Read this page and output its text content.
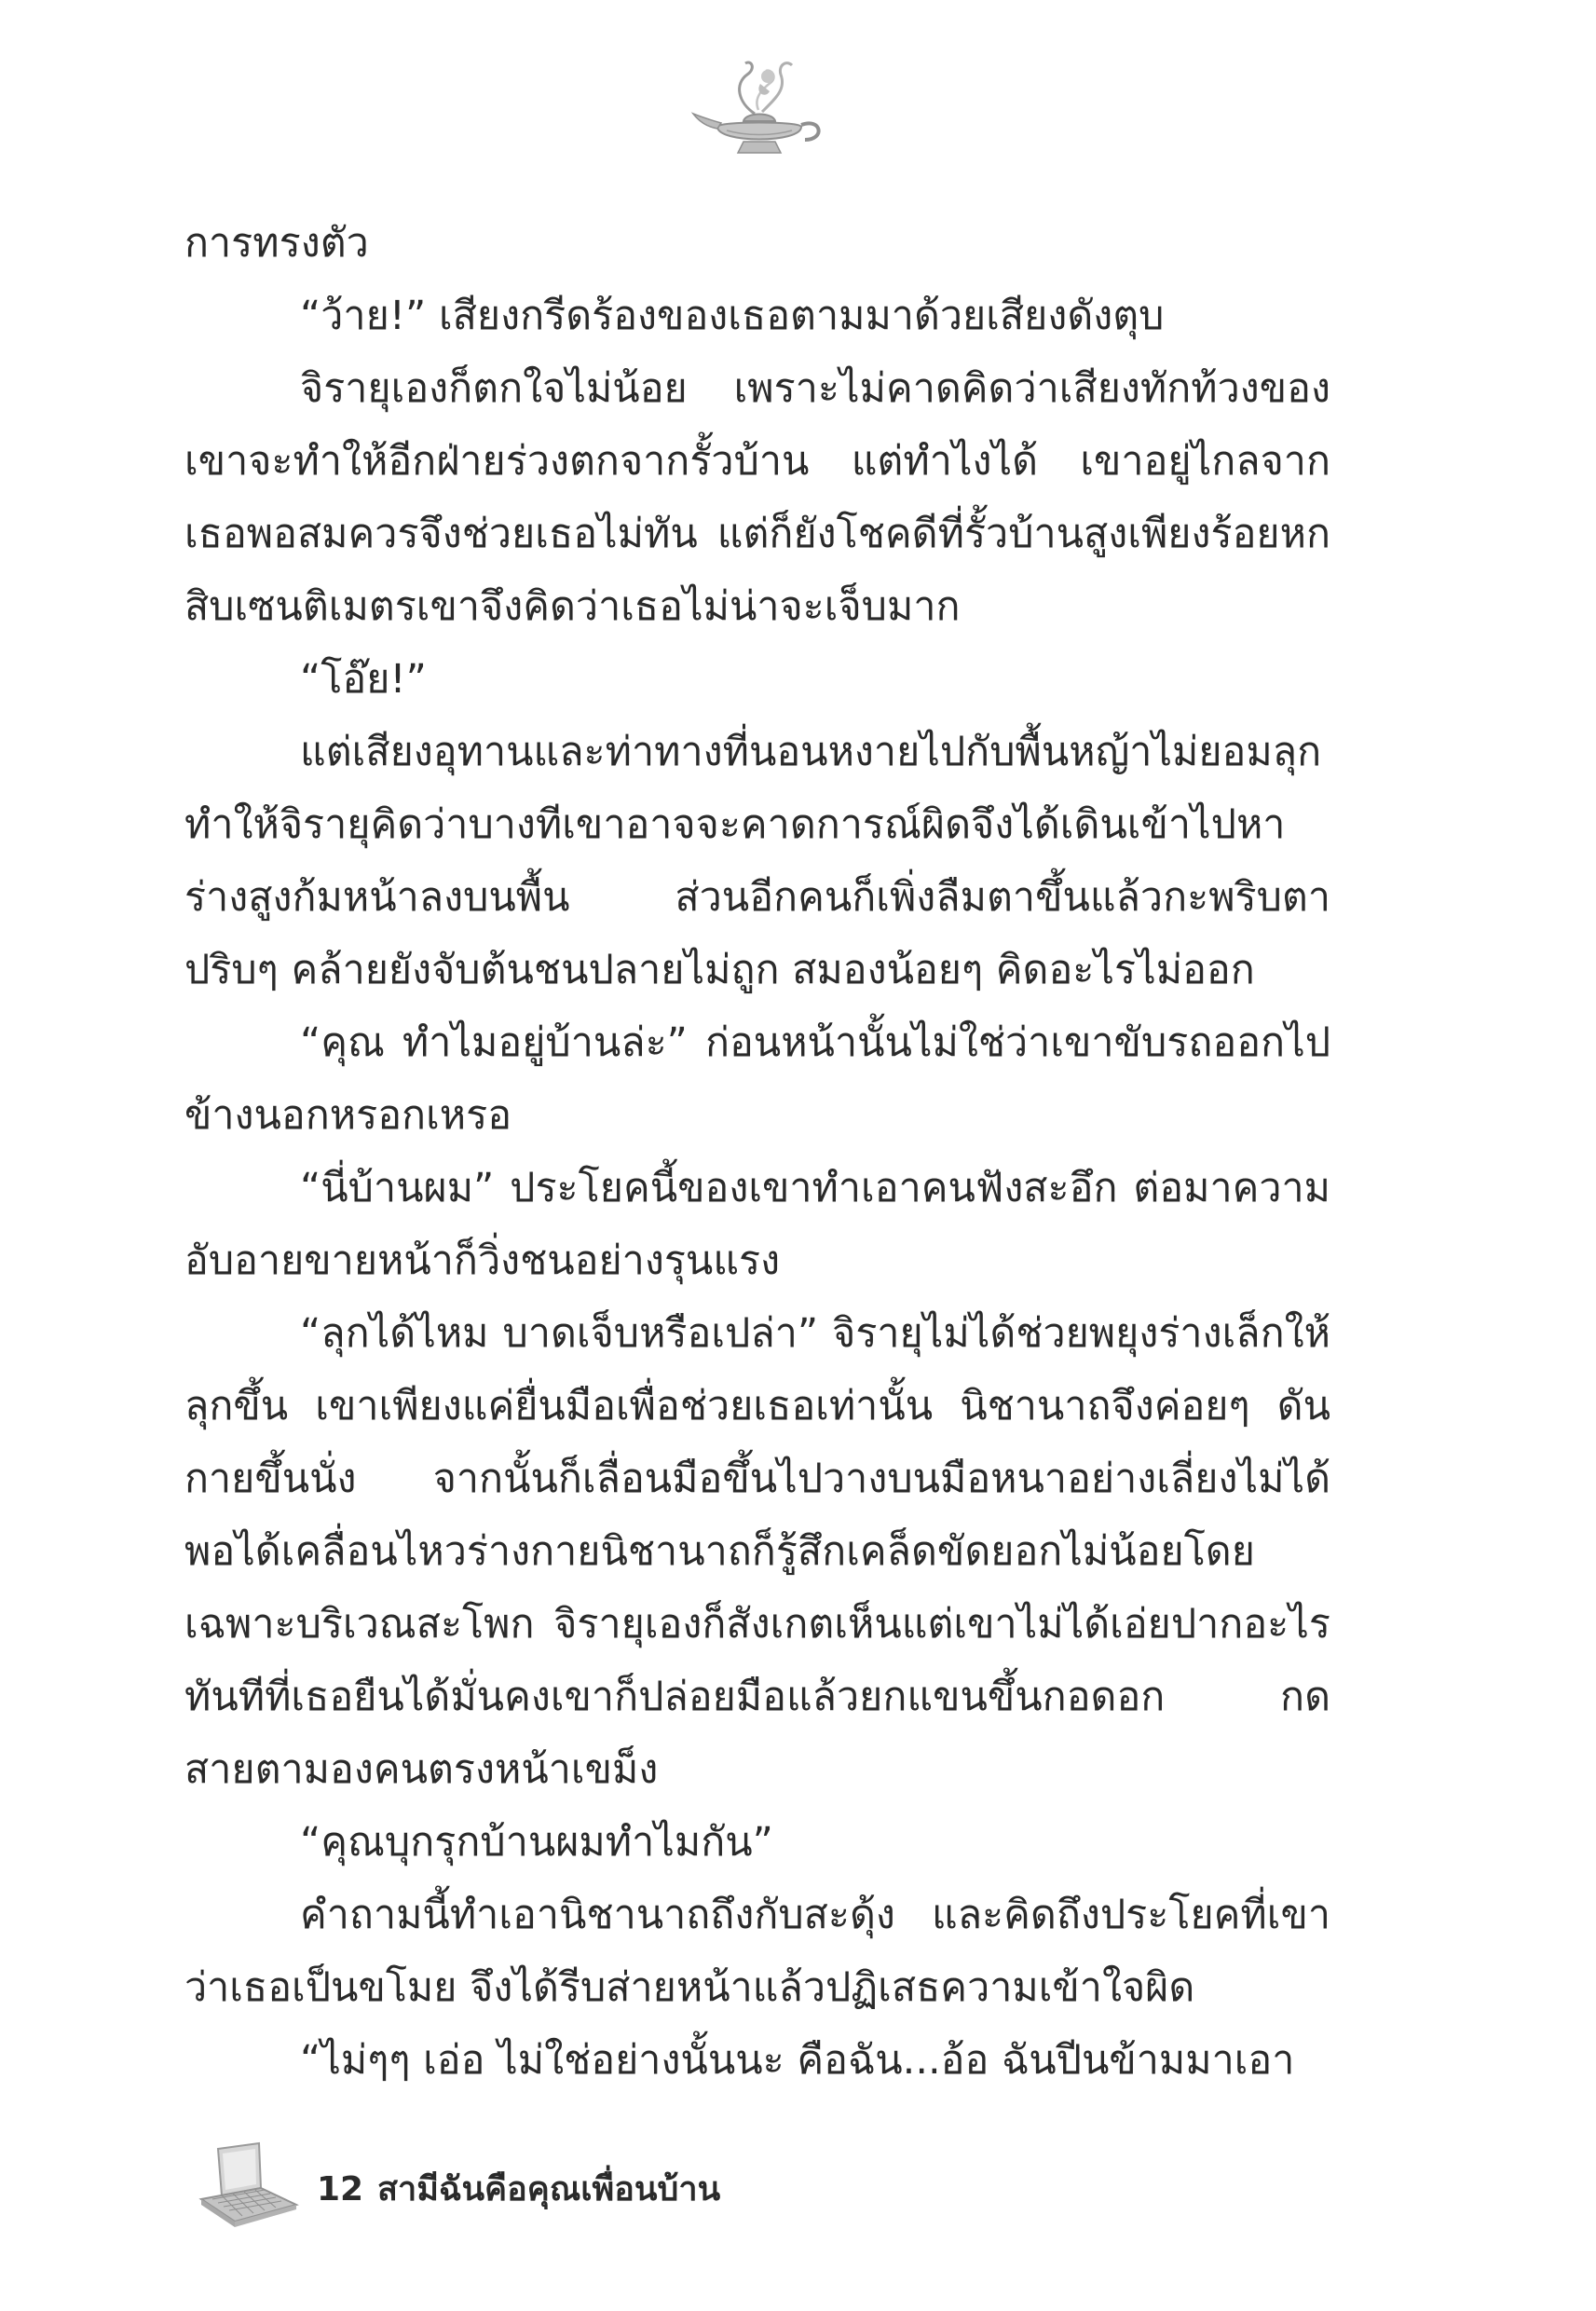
การทรงตัว

“ว้าย!” เสียงกรีดร้องของเธอตามมาด้วยเสียงดังตุบ

จิรายุเองก็ตกใจไม่น้อย เพราะไม่คาดคิดว่าเสียงทักท้วงของเขาจะทำให้อีกฝ่ายร่วงตกจากรั้วบ้าน แต่ทำไงได้ เขาอยู่ไกลจากเธอพอสมควรจึงช่วยเธอไม่ทัน แต่ก็ยังโชคดีที่รั้วบ้านสูงเพียงร้อยหกสิบเซนติเมตรเขาจึงคิดว่าเธอไม่น่าจะเจ็บมาก

“โอ๊ย!”

แต่เสียงอุทานและท่าทางที่นอนหงายไปกับพื้นหญ้าไม่ยอมลุกทำให้จิรายุคิดว่าบางทีเขาอาจจะคาดการณ์ผิดจึงได้เดินเข้าไปหา ร่างสูงก้มหน้าลงบนพื้น ส่วนอีกคนก็เพิ่งลืมตาขึ้นแล้วกะพริบตาปริบๆ คล้ายยังจับต้นชนปลายไม่ถูก สมองน้อยๆ คิดอะไรไม่ออก

“คุณ ทำไมอยู่บ้านล่ะ” ก่อนหน้านั้นไม่ใช่ว่าเขาขับรถออกไปข้างนอกหรอกเหรอ

“นี่บ้านผม” ประโยคนี้ของเขาทำเอาคนฟังสะอึก ต่อมาความอับอายขายหน้าก็วิ่งชนอย่างรุนแรง

“ลุกได้ไหม บาดเจ็บหรือเปล่า” จิรายุไม่ได้ช่วยพยุงร่างเล็กให้ลุกขึ้น เขาเพียงแค่ยื่นมือเพื่อช่วยเธอเท่านั้น นิชานาถจึงค่อยๆ ดันกายขึ้นนั่ง จากนั้นก็เลื่อนมือขึ้นไปวางบนมือหนาอย่างเลี่ยงไม่ได้ พอได้เคลื่อนไหวร่างกายนิชานาถก็รู้สึกเคล็ดขัดยอกไม่น้อยโดยเฉพาะบริเวณสะโพก จิรายุเองก็สังเกตเห็นแต่เขาไม่ได้เอ่ยปากอะไร ทันทีที่เธอยืนได้มั่นคงเขาก็ปล่อยมือแล้วยกแขนขึ้นกอดอก กดสายตามองคนตรงหน้าเขม็ง

“คุณบุกรุกบ้านผมทำไมกัน”

คำถามนี้ทำเอานิชานาถถึงกับสะดุ้ง และคิดถึงประโยคที่เขาว่าเธอเป็นขโมย จึงได้รีบส่ายหน้าแล้วปฏิเสธความเข้าใจผิด

“ไม่ๆๆ เอ่อ ไม่ใช่อย่างนั้นนะ คือฉัน...อ้อ ฉันปีนข้ามมาเอา

12 สามีฉันคือคุณเพื่อนบ้าน
